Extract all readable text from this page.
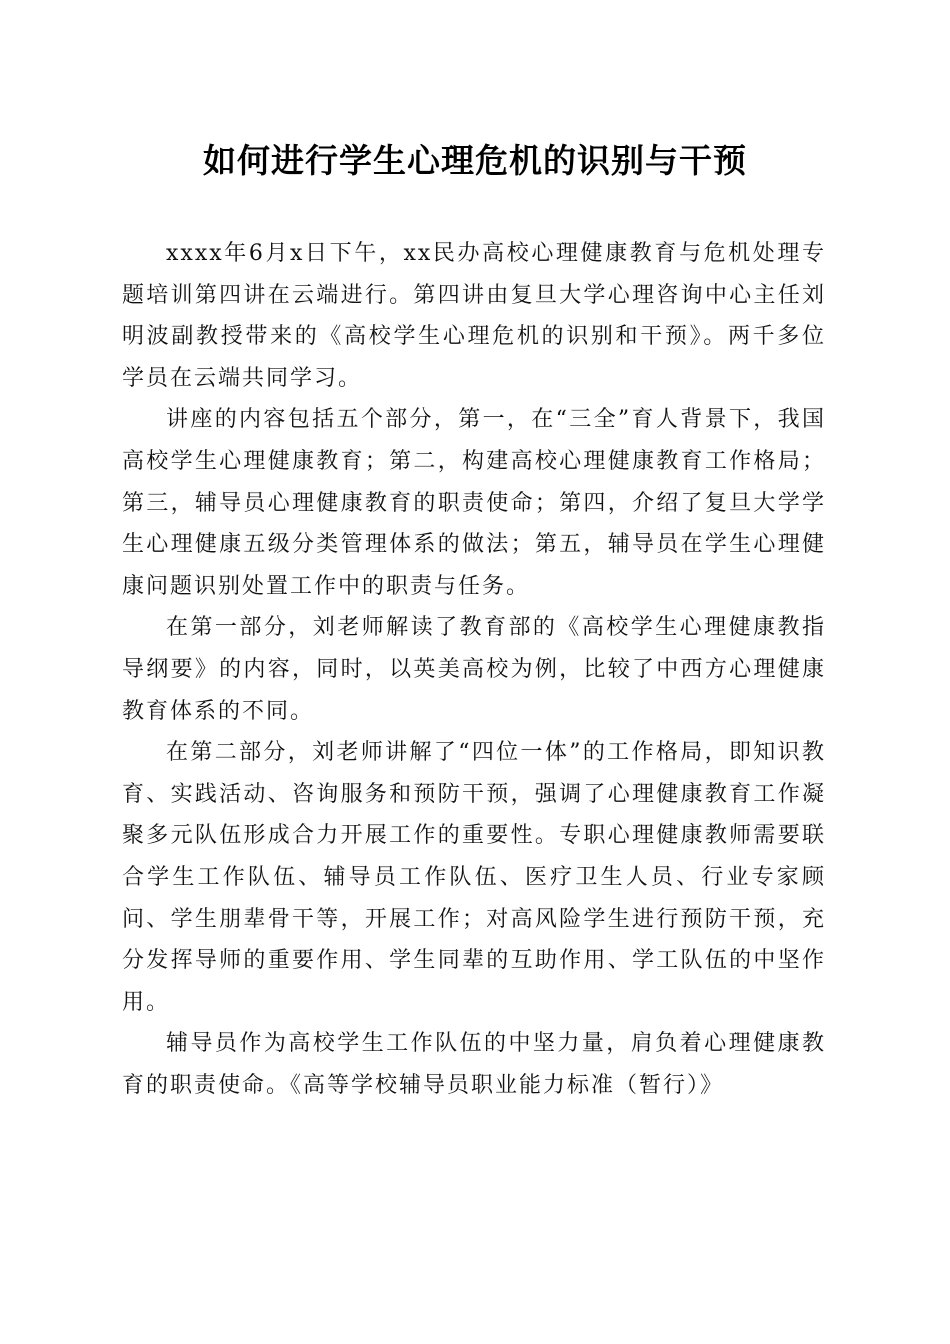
如何进行学生心理危机的识别与干预

xxxx年6月x日下午，xx民办高校心理健康教育与危机处理专题培训第四讲在云端进行。第四讲由复旦大学心理咨询中心主任刘明波副教授带来的《高校学生心理危机的识别和干预》。两千多位学员在云端共同学习。

讲座的内容包括五个部分，第一，在“三全”育人背景下，我国高校学生心理健康教育；第二，构建高校心理健康教育工作格局；第三，辅导员心理健康教育的职责使命；第四，介绍了复旦大学学生心理健康五级分类管理体系的做法；第五，辅导员在学生心理健康问题识别处置工作中的职责与任务。

在第一部分，刘老师解读了教育部的《高校学生心理健康教指导纲要》的内容，同时，以英美高校为例，比较了中西方心理健康教育体系的不同。

在第二部分，刘老师讲解了“四位一体”的工作格局，即知识教育、实践活动、咨询服务和预防干预，强调了心理健康教育工作凝聚多元队伍形成合力开展工作的重要性。专职心理健康教师需要联合学生工作队伍、辅导员工作队伍、医疗卫生人员、行业专家顾问、学生朋辈骨干等，开展工作；对高风险学生进行预防干预，充分发挥导师的重要作用、学生同辈的互助作用、学工队伍的中坚作用。

辅导员作为高校学生工作队伍的中坚力量，肩负着心理健康教育的职责使命。《高等学校辅导员职业能力标准（暂行）》
